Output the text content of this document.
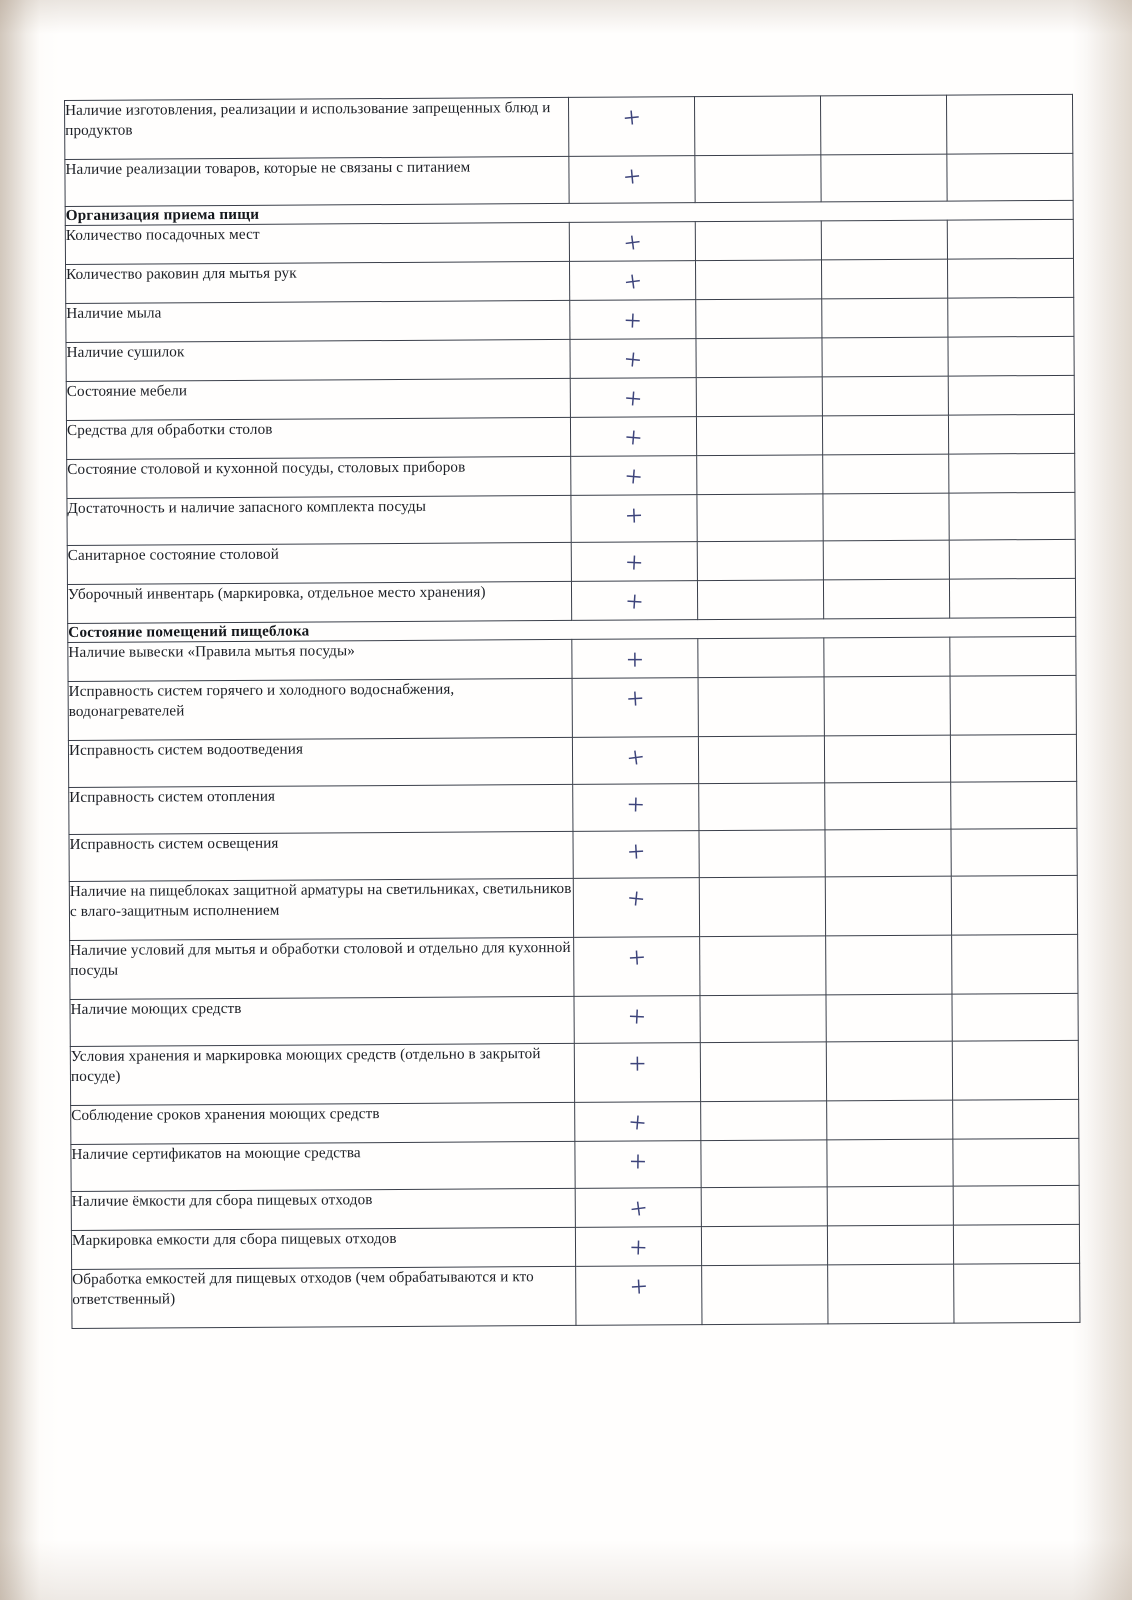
Наличие изготовления, реализации и использование запрещенных блюд и продуктов	+			
Наличие реализации товаров, которые не связаны с питанием	+			
Организация приема пищи				
Количество посадочных мест	+			
Количество раковин для мытья рук	+			
Наличие мыла	+			
Наличие сушилок	+			
Состояние мебели	+			
Средства для обработки столов	+			
Состояние столовой и кухонной посуды, столовых приборов	+			
Достаточность и наличие запасного комплекта посуды	+			
Санитарное состояние столовой	+			
Уборочный инвентарь (маркировка, отдельное место хранения)	+			
Состояние помещений пищеблока				
Наличие вывески «Правила мытья посуды»	+			
Исправность систем горячего и холодного водоснабжения, водонагревателей	+			
Исправность систем водоотведения	+			
Исправность систем отопления	+			
Исправность систем освещения	+			
Наличие на пищеблоках защитной арматуры на светильниках, светильников с влаго-защитным исполнением	+			
Наличие условий для мытья и обработки столовой и отдельно для кухонной посуды	+			
Наличие моющих средств	+			
Условия хранения и маркировка моющих средств (отдельно в закрытой посуде)	+			
Соблюдение сроков хранения моющих средств	+			
Наличие сертификатов на моющие средства	+			
Наличие ёмкости для сбора пищевых отходов	+			
Маркировка емкости для сбора пищевых отходов	+			
Обработка емкостей для пищевых отходов (чем обрабатываются и кто ответственный)	+			
